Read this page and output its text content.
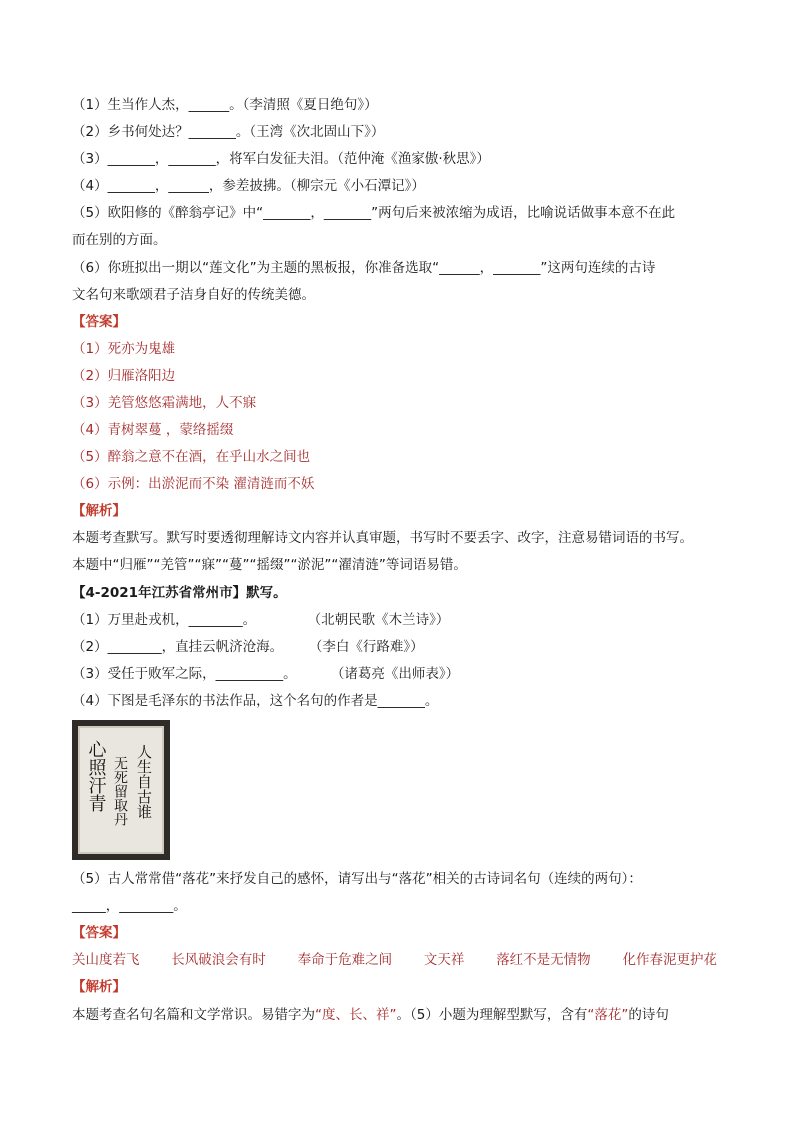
（1）生当作人杰，______。（李清照《夏日绝句》）
（2）乡书何处达？_______。（王湾《次北固山下》）
（3）_______，_______，将军白发征夫泪。（范仲淹《渔家傲·秋思》）
（4）_______，______，参差披拂。（柳宗元《小石潭记》）
（5）欧阳修的《醉翁亭记》中“_______，_______”两句后来被浓缩为成语，比喻说话做事本意不在此
而在别的方面。
（6）你班拟出一期以“莲文化”为主题的黑板报，你准备选取“______，_______”这两句连续的古诗
文名句来歌颂君子洁身自好的传统美德。
【答案】
（1）死亦为鬼雄
（2）归雁洛阳边
（3）羌管悠悠霜满地，人不寐
（4）青树翠蔓 ，蒙络摇缀
（5）醉翁之意不在酒，在乎山水之间也
（6）示例：出淤泥而不染 濯清涟而不妖
【解析】
本题考查默写。默写时要透彻理解诗文内容并认真审题，书写时不要丢字、改字，注意易错词语的书写。
本题中“归雁”“羌管”“寐”“蔓”“摇缀”“淤泥”“濯清涟”等词语易错。
【4-2021年江苏省常州市】默写。
（1）万里赴戎机，________。            （北朝民歌《木兰诗》）
（2）________，直挂云帆济沧海。      （李白《行路难》）
（3）受任于败军之际，__________。        （诸葛亮《出师表》）
（4）下图是毛泽东的书法作品，这个名句的作者是_______。
人生自古谁
无死留取丹
心照汗青
（5）古人常常借“落花”来抒发自己的感怀，请写出与“落花”相关的古诗词名句（连续的两句）：
_____，________。
【答案】
关山度若飞 长风破浪会有时 奉命于危难之间 文天祥 落红不是无情物 化作春泥更护花
【解析】
本题考查名句名篇和文学常识。易错字为“度、长、祥”。（5）小题为理解型默写，含有“落花”的诗句
